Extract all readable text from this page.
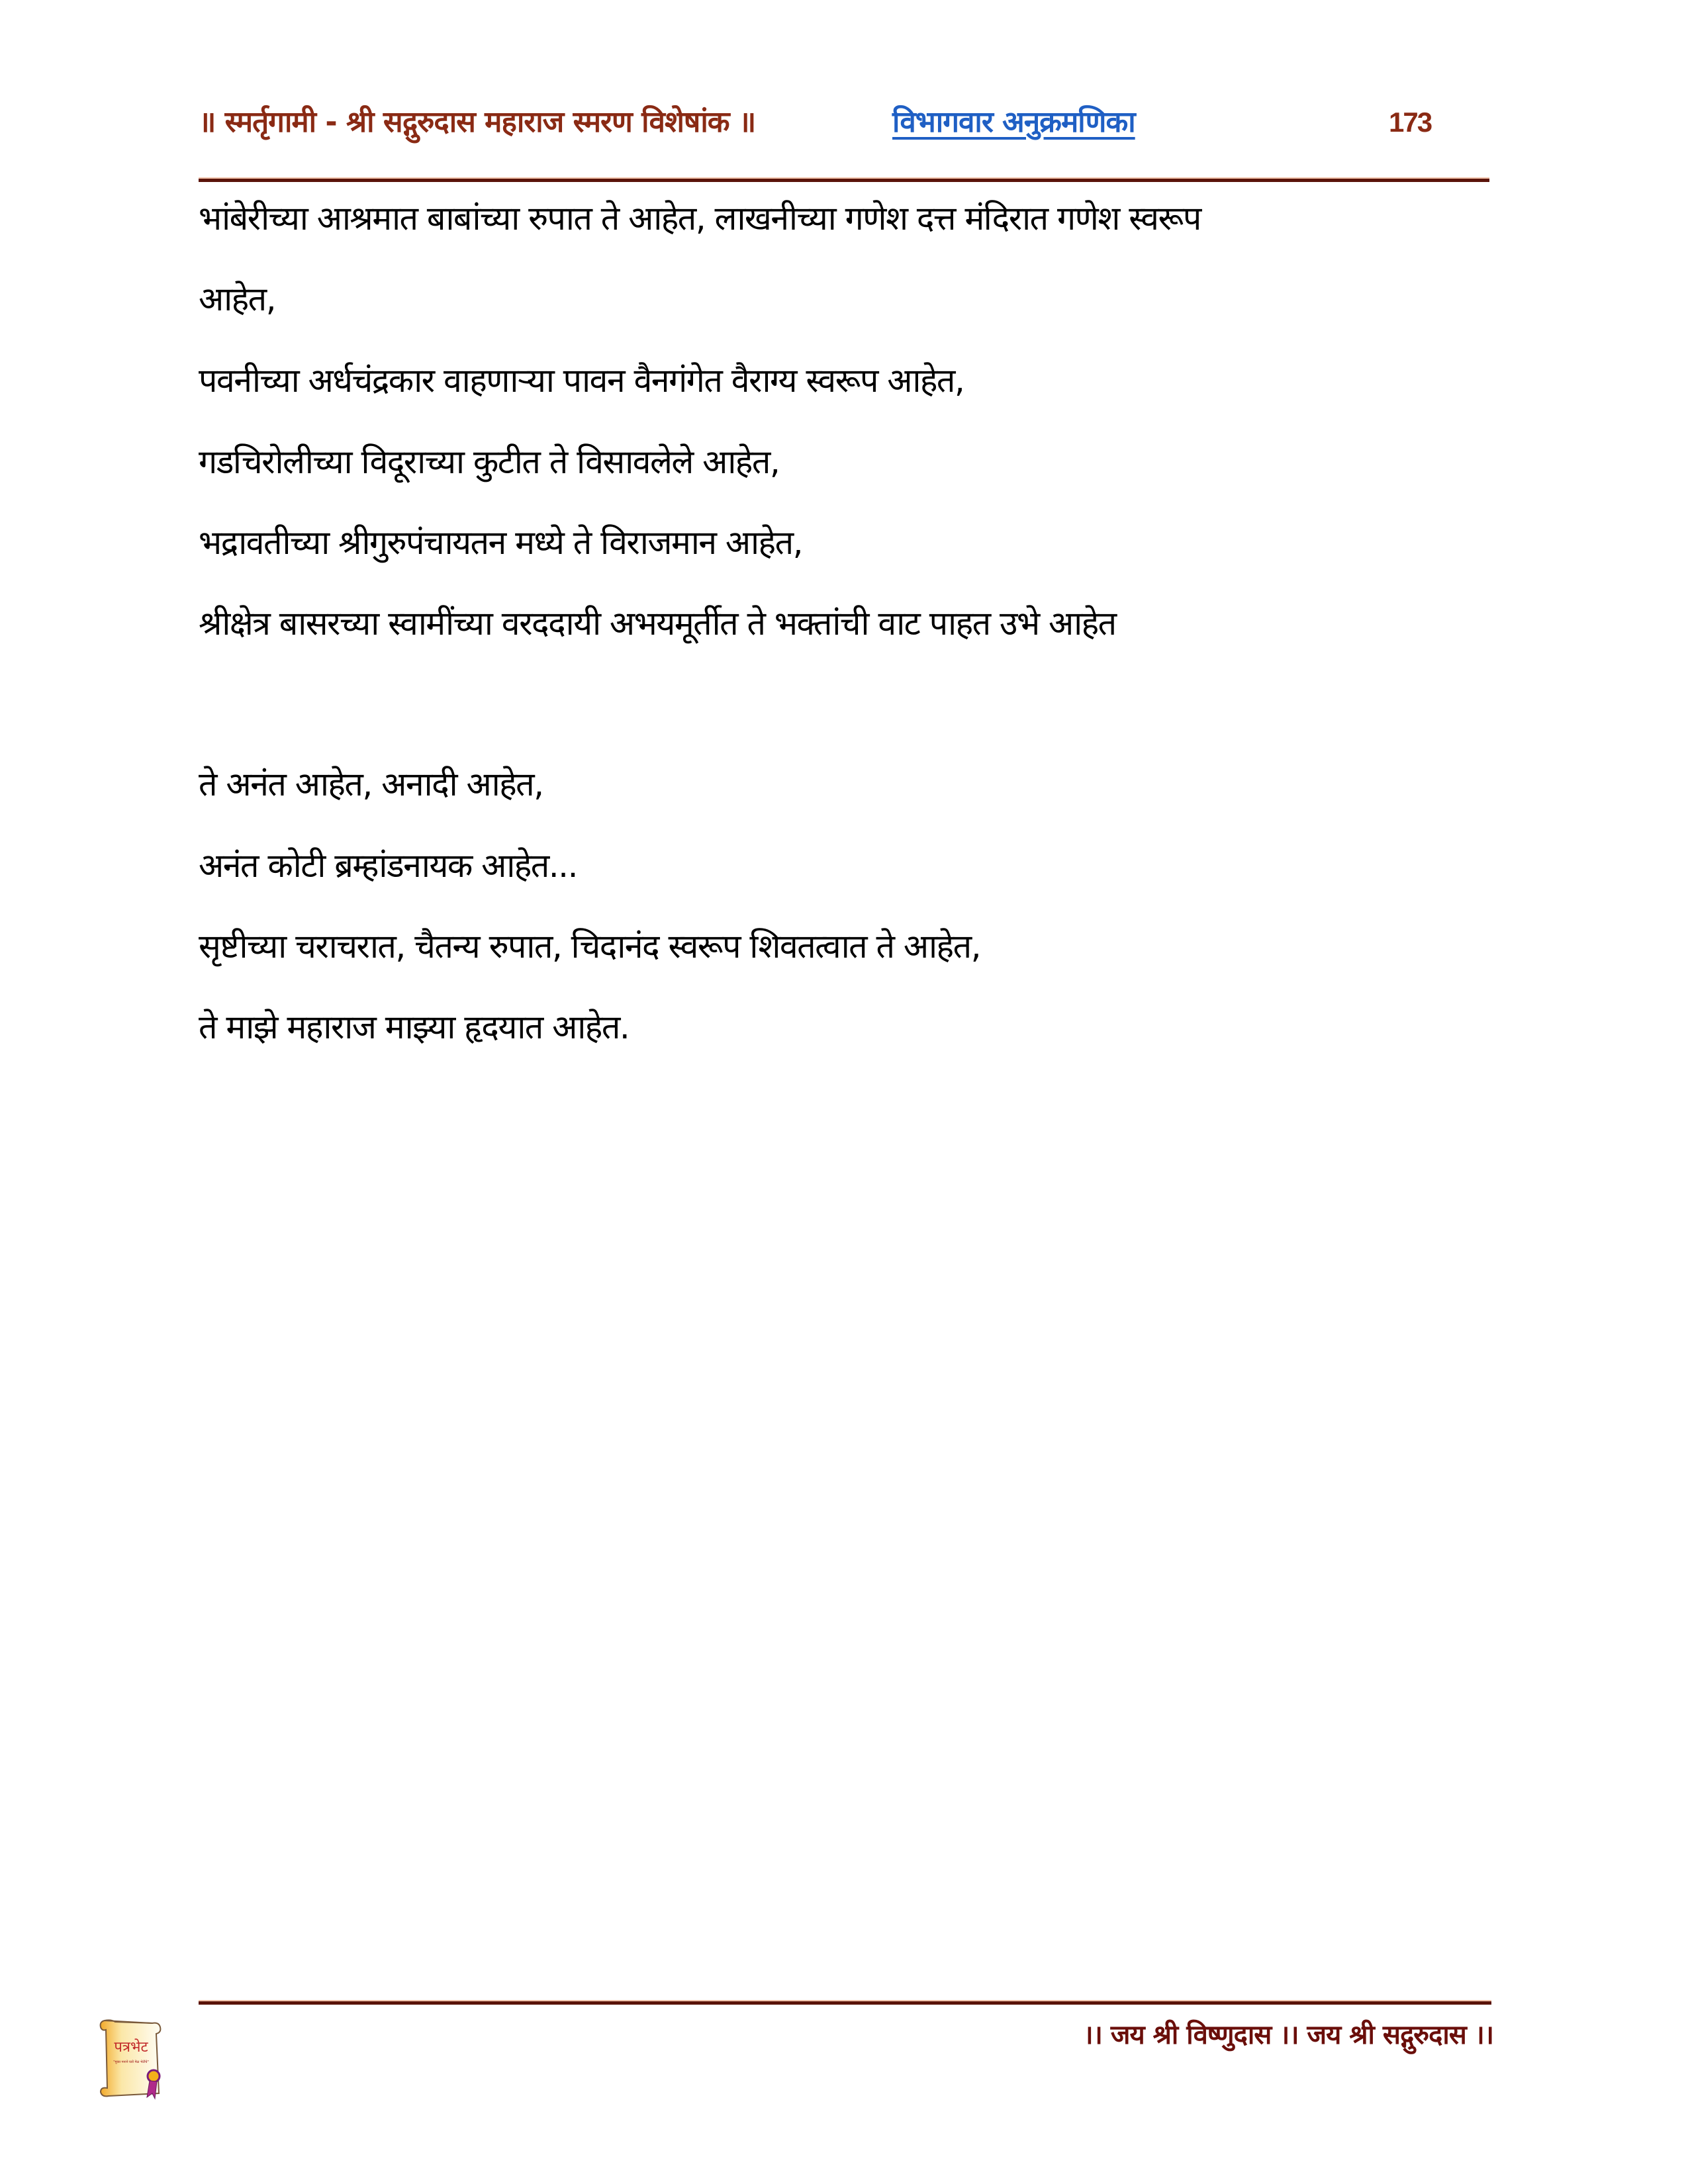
॥ स्मर्तृगामी - श्री सद्गुरुदास महाराज स्मरण विशेषांक ॥	विभागवार अनुक्रमणिका	173
भांबेरीच्या आश्रमात बाबांच्या रुपात ते आहेत, लाखनीच्या गणेश दत्त मंदिरात गणेश स्वरूप
आहेत,
पवनीच्या अर्धचंद्रकार वाहणाऱ्या पावन वैनगंगेत वैराग्य स्वरूप आहेत,
गडचिरोलीच्या विदूराच्या कुटीत ते विसावलेले आहेत,
भद्रावतीच्या श्रीगुरुपंचायतन मध्ये ते विराजमान आहेत,
श्रीक्षेत्र बासरच्या स्वामींच्या वरददायी अभयमूर्तीत ते भक्तांची वाट पाहत उभे आहेत
ते अनंत आहेत, अनादी आहेत,
अनंत कोटी ब्रम्हांडनायक आहेत...
सृष्टीच्या चराचरात, चैतन्य रुपात, चिदानंद स्वरूप शिवतत्वात ते आहेत,
ते माझे महाराज माझ्या हृदयात आहेत.
पत्रभेट
"मुक्त मनाने घडो मेळ भेटीचे"
।। जय श्री विष्णुदास ।। जय श्री सद्गुरुदास ।।
